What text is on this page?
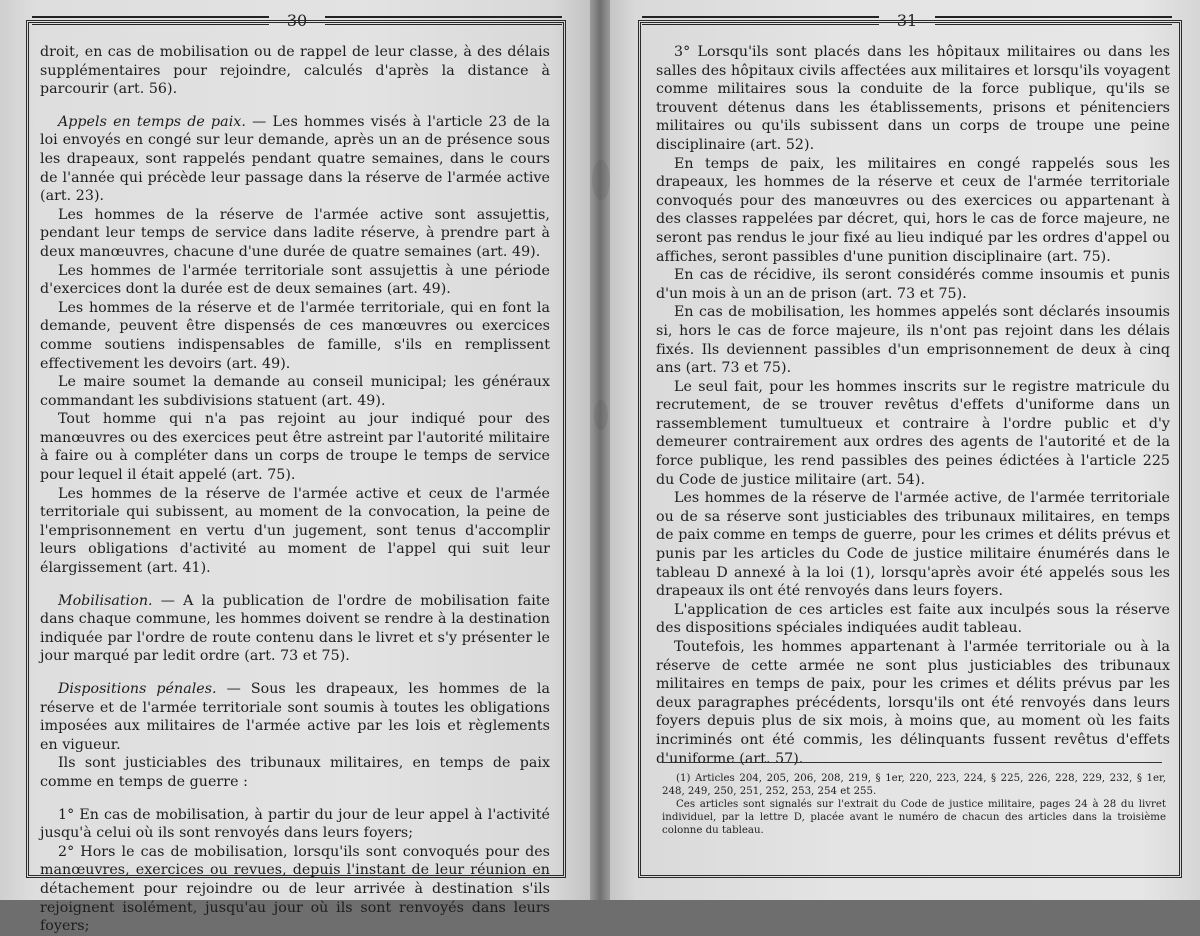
30

droit, en cas de mobilisation ou de rappel de leur classe, à des délais supplémentaires pour rejoindre, calculés d'après la distance à parcourir (art. 56).

Appels en temps de paix. — Les hommes visés à l'article 23 de la loi envoyés en congé sur leur demande, après un an de présence sous les drapeaux, sont rappelés pendant quatre semaines, dans le cours de l'année qui précède leur passage dans la réserve de l'armée active (art. 23).

Les hommes de la réserve de l'armée active sont assujettis, pendant leur temps de service dans ladite réserve, à prendre part à deux manœuvres, chacune d'une durée de quatre semaines (art. 49).

Les hommes de l'armée territoriale sont assujettis à une période d'exercices dont la durée est de deux semaines (art. 49).

Les hommes de la réserve et de l'armée territoriale, qui en font la demande, peuvent être dispensés de ces manœuvres ou exercices comme soutiens indispensables de famille, s'ils en remplissent effectivement les devoirs (art. 49).

Le maire soumet la demande au conseil municipal; les généraux commandant les subdivisions statuent (art. 49).

Tout homme qui n'a pas rejoint au jour indiqué pour des manœuvres ou des exercices peut être astreint par l'autorité militaire à faire ou à compléter dans un corps de troupe le temps de service pour lequel il était appelé (art. 75).

Les hommes de la réserve de l'armée active et ceux de l'armée territoriale qui subissent, au moment de la convocation, la peine de l'emprisonnement en vertu d'un jugement, sont tenus d'accomplir leurs obligations d'activité au moment de l'appel qui suit leur élargissement (art. 41).

Mobilisation. — A la publication de l'ordre de mobilisation faite dans chaque commune, les hommes doivent se rendre à la destination indiquée par l'ordre de route contenu dans le livret et s'y présenter le jour marqué par ledit ordre (art. 73 et 75).

Dispositions pénales. — Sous les drapeaux, les hommes de la réserve et de l'armée territoriale sont soumis à toutes les obligations imposées aux militaires de l'armée active par les lois et règlements en vigueur.

Ils sont justiciables des tribunaux militaires, en temps de paix comme en temps de guerre :

1° En cas de mobilisation, à partir du jour de leur appel à l'activité jusqu'à celui où ils sont renvoyés dans leurs foyers;

2° Hors le cas de mobilisation, lorsqu'ils sont convoqués pour des manœuvres, exercices ou revues, depuis l'instant de leur réunion en détachement pour rejoindre ou de leur arrivée à destination s'ils rejoignent isolément, jusqu'au jour où ils sont renvoyés dans leurs foyers;

31

3° Lorsqu'ils sont placés dans les hôpitaux militaires ou dans les salles des hôpitaux civils affectées aux militaires et lorsqu'ils voyagent comme militaires sous la conduite de la force publique, qu'ils se trouvent détenus dans les établissements, prisons et pénitenciers militaires ou qu'ils subissent dans un corps de troupe une peine disciplinaire (art. 52).

En temps de paix, les militaires en congé rappelés sous les drapeaux, les hommes de la réserve et ceux de l'armée territoriale convoqués pour des manœuvres ou des exercices ou appartenant à des classes rappelées par décret, qui, hors le cas de force majeure, ne seront pas rendus le jour fixé au lieu indiqué par les ordres d'appel ou affiches, seront passibles d'une punition disciplinaire (art. 75).

En cas de récidive, ils seront considérés comme insoumis et punis d'un mois à un an de prison (art. 73 et 75).

En cas de mobilisation, les hommes appelés sont déclarés insoumis si, hors le cas de force majeure, ils n'ont pas rejoint dans les délais fixés. Ils deviennent passibles d'un emprisonnement de deux à cinq ans (art. 73 et 75).

Le seul fait, pour les hommes inscrits sur le registre matricule du recrutement, de se trouver revêtus d'effets d'uniforme dans un rassemblement tumultueux et contraire à l'ordre public et d'y demeurer contrairement aux ordres des agents de l'autorité et de la force publique, les rend passibles des peines édictées à l'article 225 du Code de justice militaire (art. 54).

Les hommes de la réserve de l'armée active, de l'armée territoriale ou de sa réserve sont justiciables des tribunaux militaires, en temps de paix comme en temps de guerre, pour les crimes et délits prévus et punis par les articles du Code de justice militaire énumérés dans le tableau D annexé à la loi (1), lorsqu'après avoir été appelés sous les drapeaux ils ont été renvoyés dans leurs foyers.

L'application de ces articles est faite aux inculpés sous la réserve des dispositions spéciales indiquées audit tableau.

Toutefois, les hommes appartenant à l'armée territoriale ou à la réserve de cette armée ne sont plus justiciables des tribunaux militaires en temps de paix, pour les crimes et délits prévus par les deux paragraphes précédents, lorsqu'ils ont été renvoyés dans leurs foyers depuis plus de six mois, à moins que, au moment où les faits incriminés ont été commis, les délinquants fussent revêtus d'effets d'uniforme (art. 57).

(1) Articles 204, 205, 206, 208, 219, § 1er, 220, 223, 224, § 225, 226, 228, 229, 232, § 1er, 248, 249, 250, 251, 252, 253, 254 et 255.

Ces articles sont signalés sur l'extrait du Code de justice militaire, pages 24 à 28 du livret individuel, par la lettre D, placée avant le numéro de chacun des articles dans la troisième colonne du tableau.
